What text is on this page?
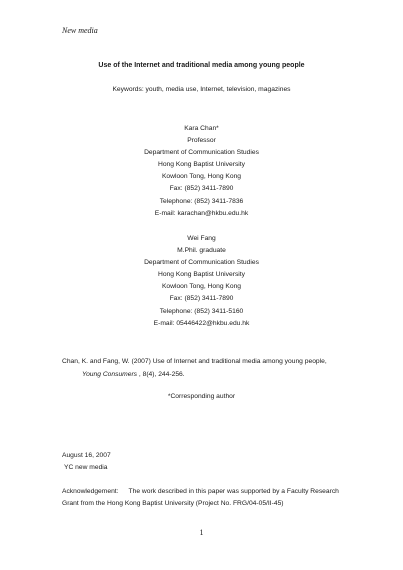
New media
Use of the Internet and traditional media among young people
Keywords: youth, media use, Internet, television, magazines
Kara Chan*
Professor
Department of Communication Studies
Hong Kong Baptist University
Kowloon Tong, Hong Kong
Fax: (852) 3411-7890
Telephone: (852) 3411-7836
E-mail: karachan@hkbu.edu.hk
Wei Fang
M.Phil. graduate
Department of Communication Studies
Hong Kong Baptist University
Kowloon Tong, Hong Kong
Fax: (852) 3411-7890
Telephone: (852) 3411-5160
E-mail: 05446422@hkbu.edu.hk
Chan, K. and Fang, W. (2007) Use of Internet and traditional media among young people,
Young Consumers , 8(4), 244-256.
*Corresponding author
August 16, 2007
YC new media
Acknowledgement: The work described in this paper was supported by a Faculty Research
Grant from the Hong Kong Baptist University (Project No. FRG/04-05/II-45)
1
